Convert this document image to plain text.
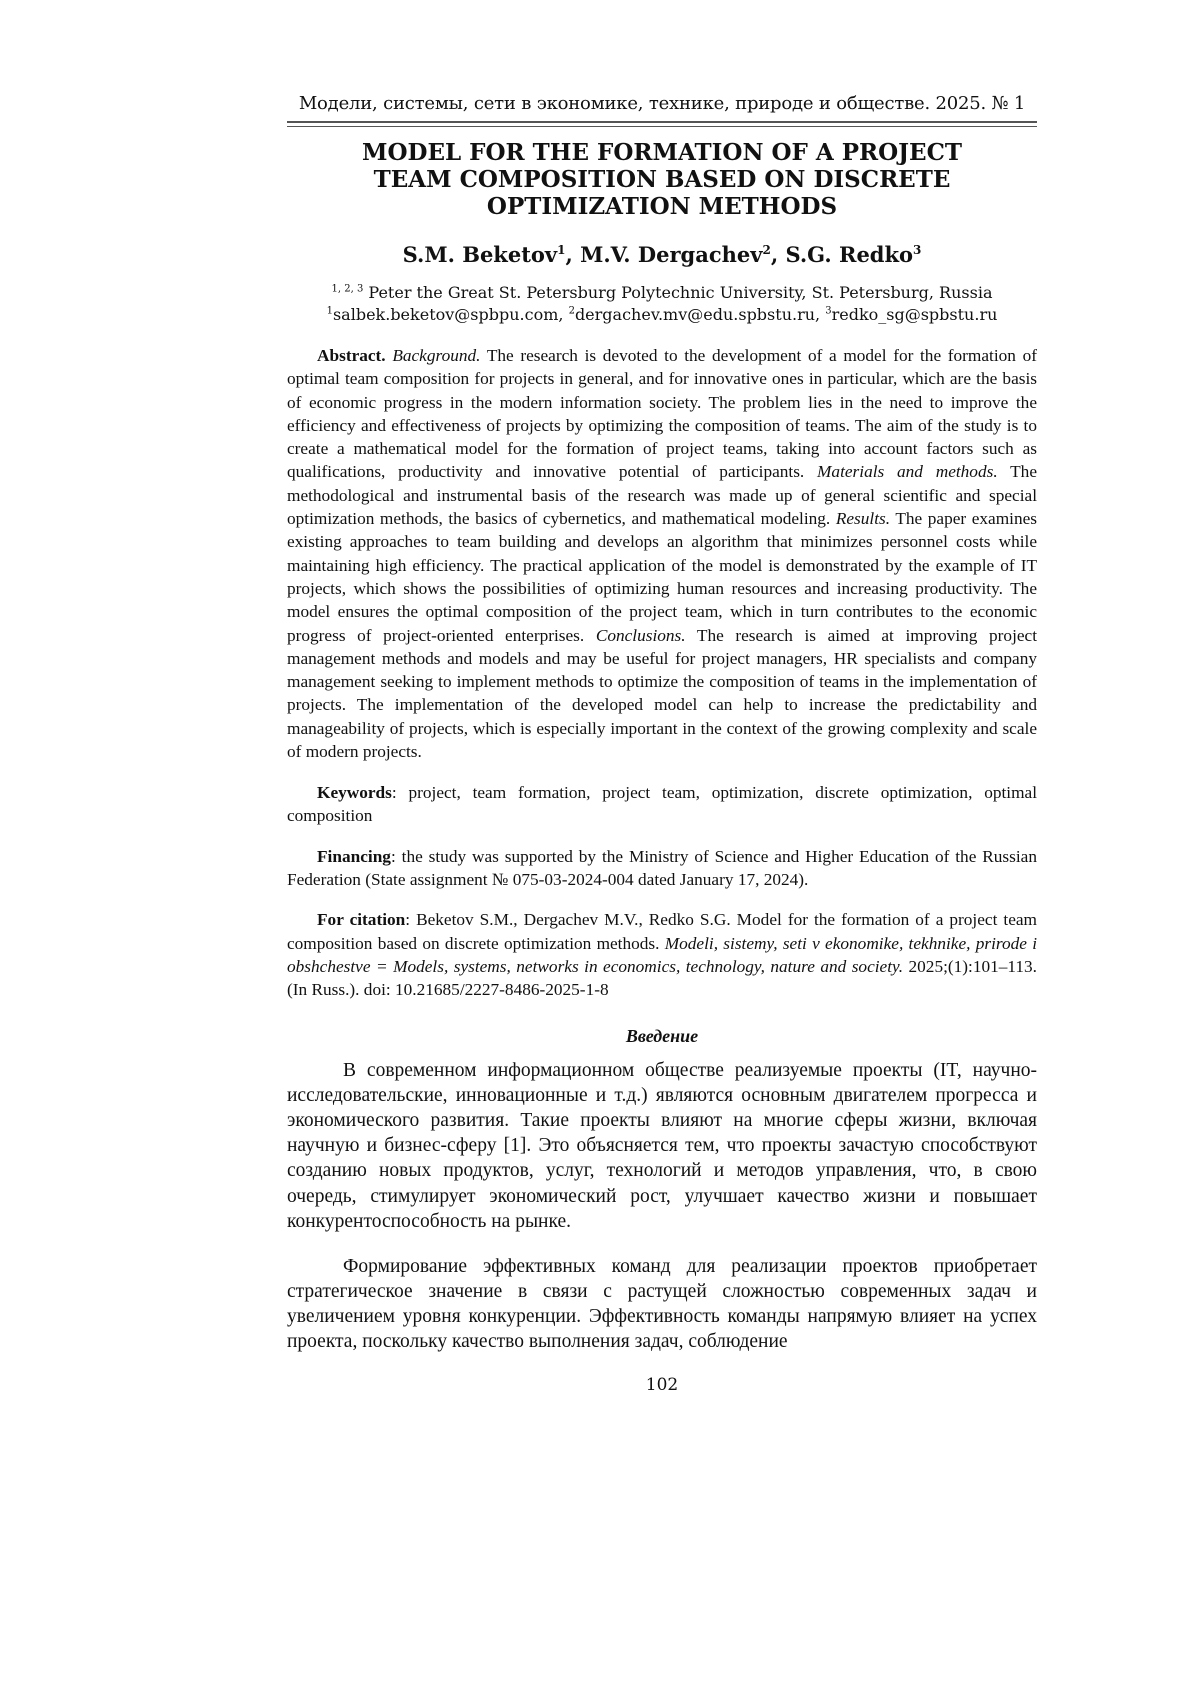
Модели, системы, сети в экономике, технике, природе и обществе. 2025. № 1
MODEL FOR THE FORMATION OF A PROJECT
TEAM COMPOSITION BASED ON DISCRETE
OPTIMIZATION METHODS
S.M. Beketov$^1$, M.V. Dergachev$^2$, S.G. Redko$^3$
$^{1, 2, 3}$ Peter the Great St. Petersburg Polytechnic University, St. Petersburg, Russia
$^1$salbek.beketov@spbpu.com, $^2$dergachev.mv@edu.spbstu.ru, $^3$redko_sg@spbstu.ru

Abstract. Background. The research is devoted to the development of a model for the formation of optimal team composition for projects in general, and for innovative ones in particular, which are the basis of economic progress in the modern information society. The problem lies in the need to improve the efficiency and effectiveness of projects by optimizing the composition of teams. The aim of the study is to create a mathematical model for the formation of project teams, taking into account factors such as qualifications, productivity and innovative potential of participants. Materials and methods. The methodological and instrumental basis of the research was made up of general scientific and special optimization methods, the basics of cybernetics, and mathematical modeling. Results. The paper examines existing approaches to team building and develops an algorithm that minimizes personnel costs while maintaining high efficiency. The practical application of the model is demonstrated by the example of IT projects, which shows the possibilities of optimizing human resources and increasing productivity. The model ensures the optimal composition of the project team, which in turn contributes to the economic progress of project-oriented enterprises. Conclusions. The research is aimed at improving project management methods and models and may be useful for project managers, HR specialists and company management seeking to implement methods to optimize the composition of teams in the implementation of projects. The implementation of the developed model can help to increase the predictability and manageability of projects, which is especially important in the context of the growing complexity and scale of modern projects.

Keywords: project, team formation, project team, optimization, discrete optimization, optimal composition

Financing: the study was supported by the Ministry of Science and Higher Education of the Russian Federation (State assignment № 075-03-2024-004 dated January 17, 2024).

For citation: Beketov S.M., Dergachev M.V., Redko S.G. Model for the formation of a project team composition based on discrete optimization methods. Modeli, sistemy, seti v ekonomike, tekhnike, prirode i obshchestve = Models, systems, networks in economics, technology, nature and society. 2025;(1):101–113. (In Russ.). doi: 10.21685/2227-8486-2025-1-8

Введение

В современном информационном обществе реализуемые проекты (IT, научно-исследовательские, инновационные и т.д.) являются основным двигателем прогресса и экономического развития. Такие проекты влияют на многие сферы жизни, включая научную и бизнес-сферу [1]. Это объясняется тем, что проекты зачастую способствуют созданию новых продуктов, услуг, технологий и методов управления, что, в свою очередь, стимулирует экономический рост, улучшает качество жизни и повышает конкурентоспособность на рынке.

Формирование эффективных команд для реализации проектов приобретает стратегическое значение в связи с растущей сложностью современных задач и увеличением уровня конкуренции. Эффективность команды напрямую влияет на успех проекта, поскольку качество выполнения задач, соблюдение

102
